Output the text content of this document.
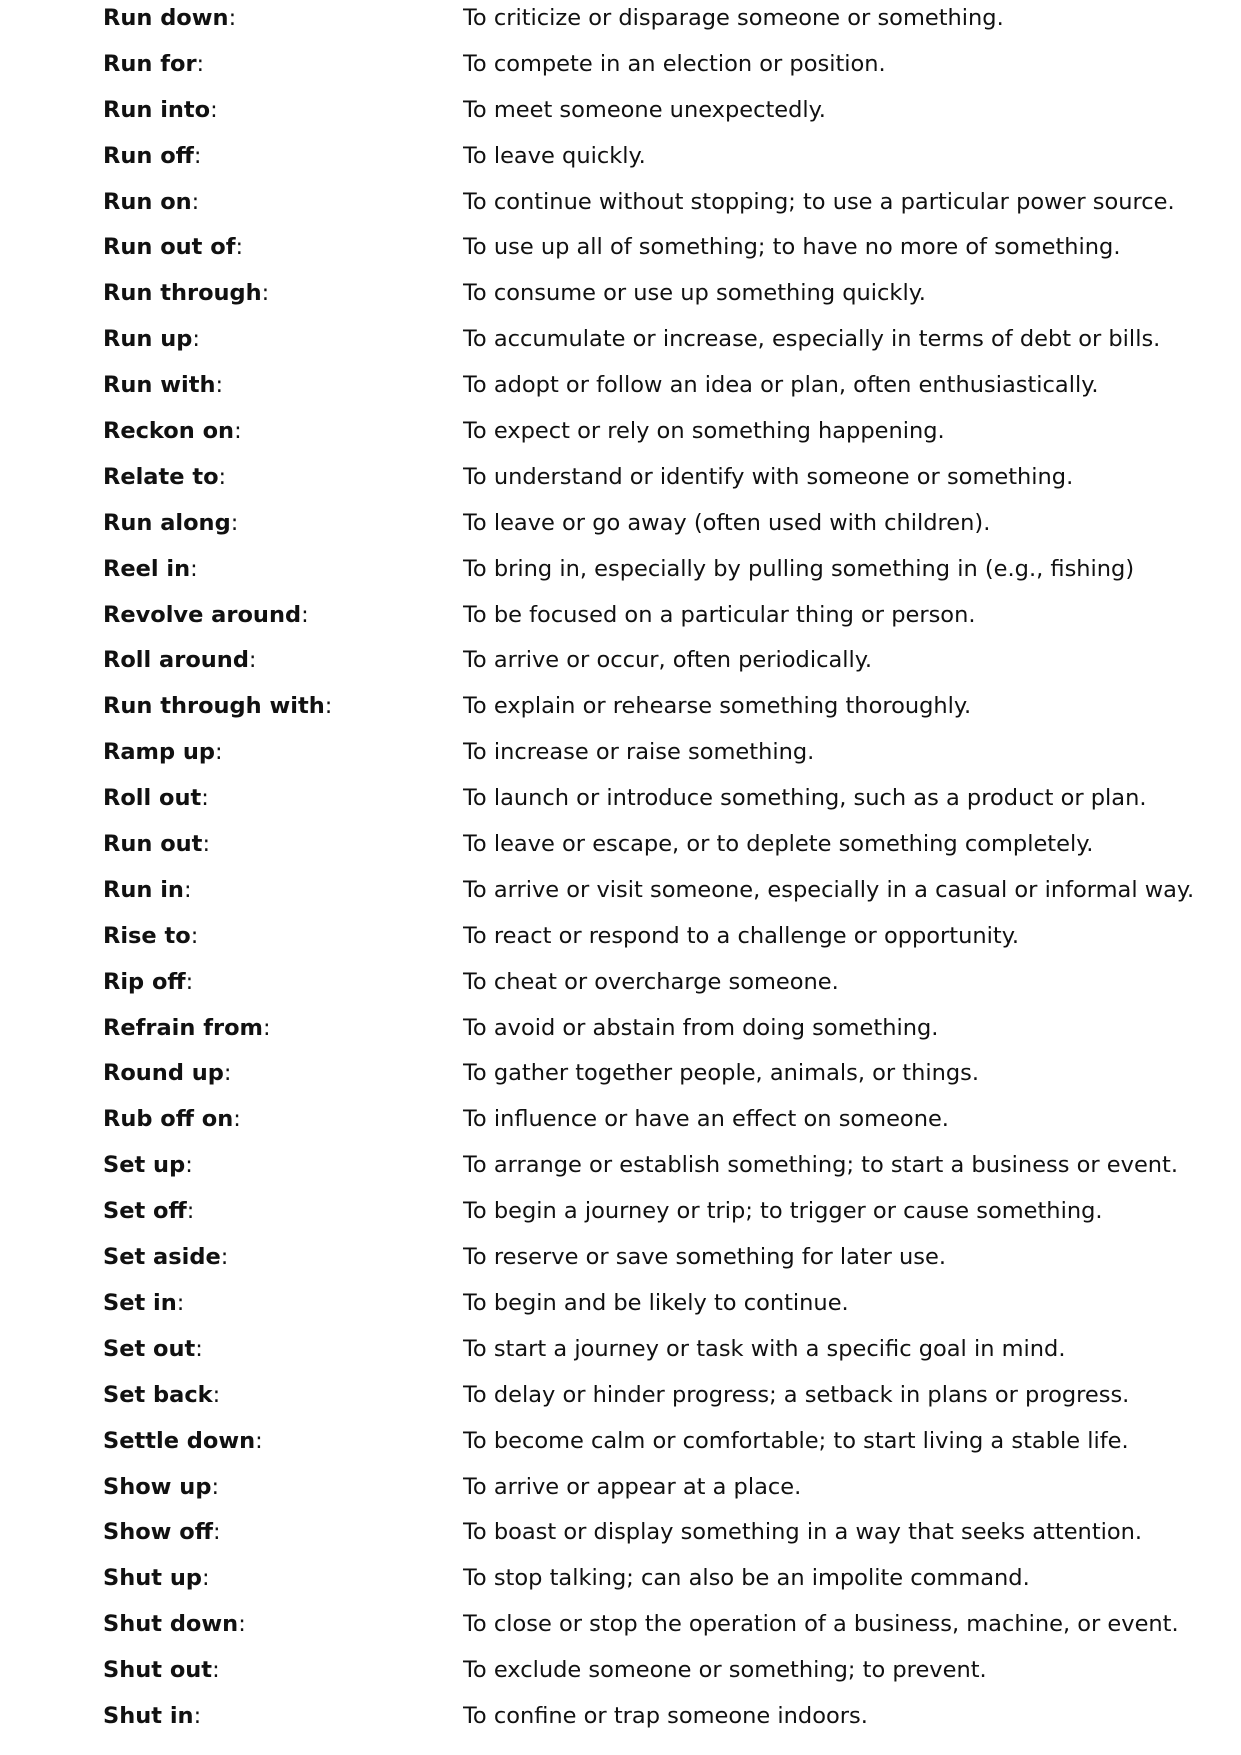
Run down:	To criticize or disparage someone or something.
Run for:	To compete in an election or position.
Run into:	To meet someone unexpectedly.
Run off:	To leave quickly.
Run on:	To continue without stopping; to use a particular power source.
Run out of:	To use up all of something; to have no more of something.
Run through:	To consume or use up something quickly.
Run up:	To accumulate or increase, especially in terms of debt or bills.
Run with:	To adopt or follow an idea or plan, often enthusiastically.
Reckon on:	To expect or rely on something happening.
Relate to:	To understand or identify with someone or something.
Run along:	To leave or go away (often used with children).
Reel in:	To bring in, especially by pulling something in (e.g., fishing)
Revolve around:	To be focused on a particular thing or person.
Roll around:	To arrive or occur, often periodically.
Run through with:	To explain or rehearse something thoroughly.
Ramp up:	To increase or raise something.
Roll out:	To launch or introduce something, such as a product or plan.
Run out:	To leave or escape, or to deplete something completely.
Run in:	To arrive or visit someone, especially in a casual or informal way.
Rise to:	To react or respond to a challenge or opportunity.
Rip off:	To cheat or overcharge someone.
Refrain from:	To avoid or abstain from doing something.
Round up:	To gather together people, animals, or things.
Rub off on:	To influence or have an effect on someone.
Set up:	To arrange or establish something; to start a business or event.
Set off:	To begin a journey or trip; to trigger or cause something.
Set aside:	To reserve or save something for later use.
Set in:	To begin and be likely to continue.
Set out:	To start a journey or task with a specific goal in mind.
Set back:	To delay or hinder progress; a setback in plans or progress.
Settle down:	To become calm or comfortable; to start living a stable life.
Show up:	To arrive or appear at a place.
Show off:	To boast or display something in a way that seeks attention.
Shut up:	To stop talking; can also be an impolite command.
Shut down:	To close or stop the operation of a business, machine, or event.
Shut out:	To exclude someone or something; to prevent.
Shut in:	To confine or trap someone indoors.
